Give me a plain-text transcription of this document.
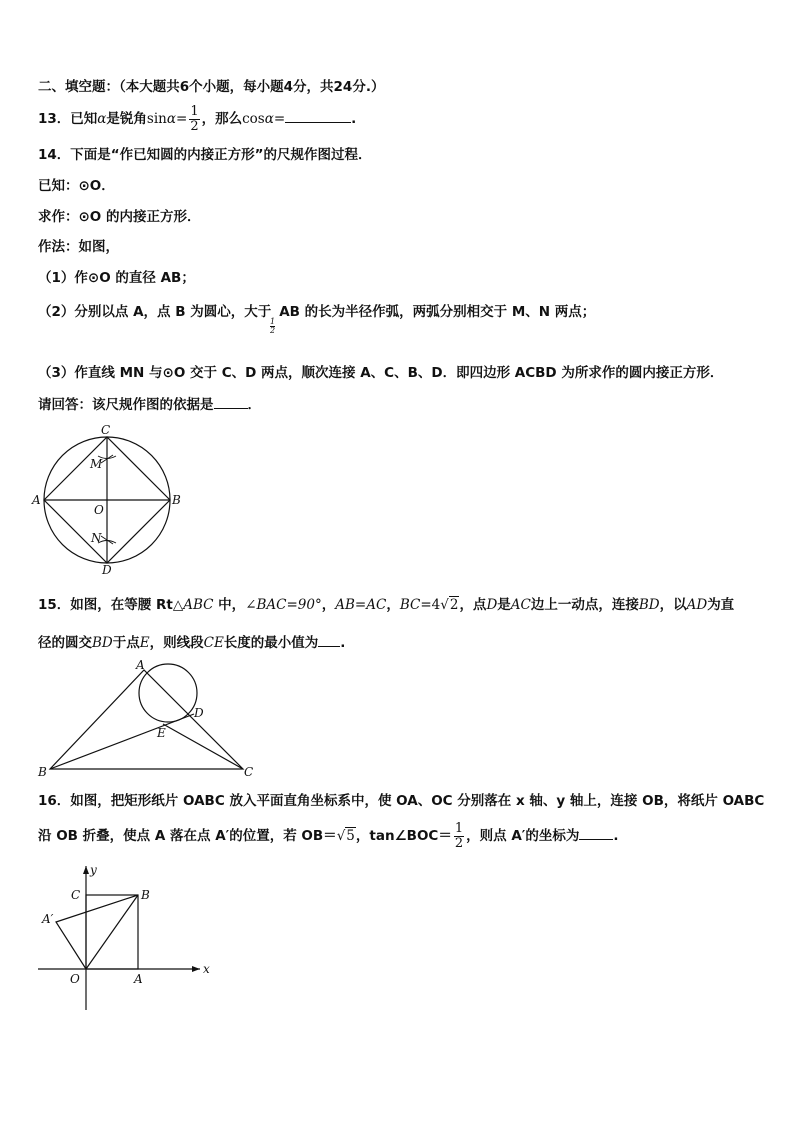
二、填空题：（本大题共6个小题，每小题4分，共24分.）
13．已知α是锐角$\sin\alpha= \frac{1}{2}$ ，那么cosα=	.
14．下面是“作已知圆的内接正方形”的尺规作图过程．
已知：⊙O．
求作：⊙O 的内接正方形．
作法：如图，
（1）作⊙O 的直径 AB；
（2）分别以点 A，点 B 为圆心，大于 AB 的长为半径作弧，两弧分别相交于 M、N 两点；
$\frac{1}{2}$
（3）作直线 MN 与⊙O 交于 C、D 两点，顺次连接 A、C、B、D．即四边形 ACBD 为所求作的圆内接正方形．
请回答：该尺规作图的依据是	．
C
M
A
O
B
N
D
15．如图，在等腰 Rt△ABC 中，∠BAC=90°，AB=AC，BC=4√2，点D是AC边上一动点，连接BD，以AD为直
径的圆交BD于点E，则线段CE长度的最小值为 .
A
D
E
B	C
16．如图，把矩形纸片 OABC 放入平面直角坐标系中，使 OA、OC 分别落在 x 轴、y 轴上，连接 OB，将纸片 OABC
沿 OB 折叠，使点 A 落在点 A′的位置，若 OB＝√5，tan∠BOC＝ $\frac{1}{2}$ ，则点 A′的坐标为	.
y
x
C	B
A′
O	A
